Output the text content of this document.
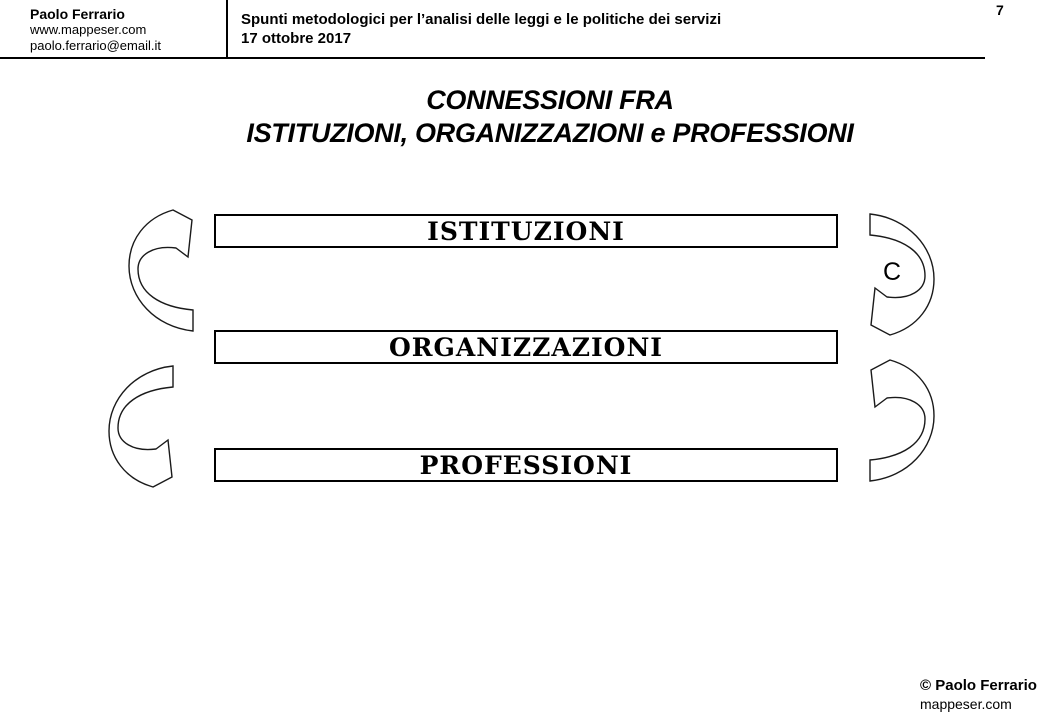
Paolo Ferrario
www.mappeser.com
paolo.ferrario@email.it
Spunti metodologici per l’analisi delle leggi e le politiche dei servizi
17 ottobre 2017
7
CONNESSIONI FRA
ISTITUZIONI, ORGANIZZAZIONI e PROFESSIONI
ISTITUZIONI
ORGANIZZAZIONI
PROFESSIONI
C
© Paolo Ferrario
mappeser.com
